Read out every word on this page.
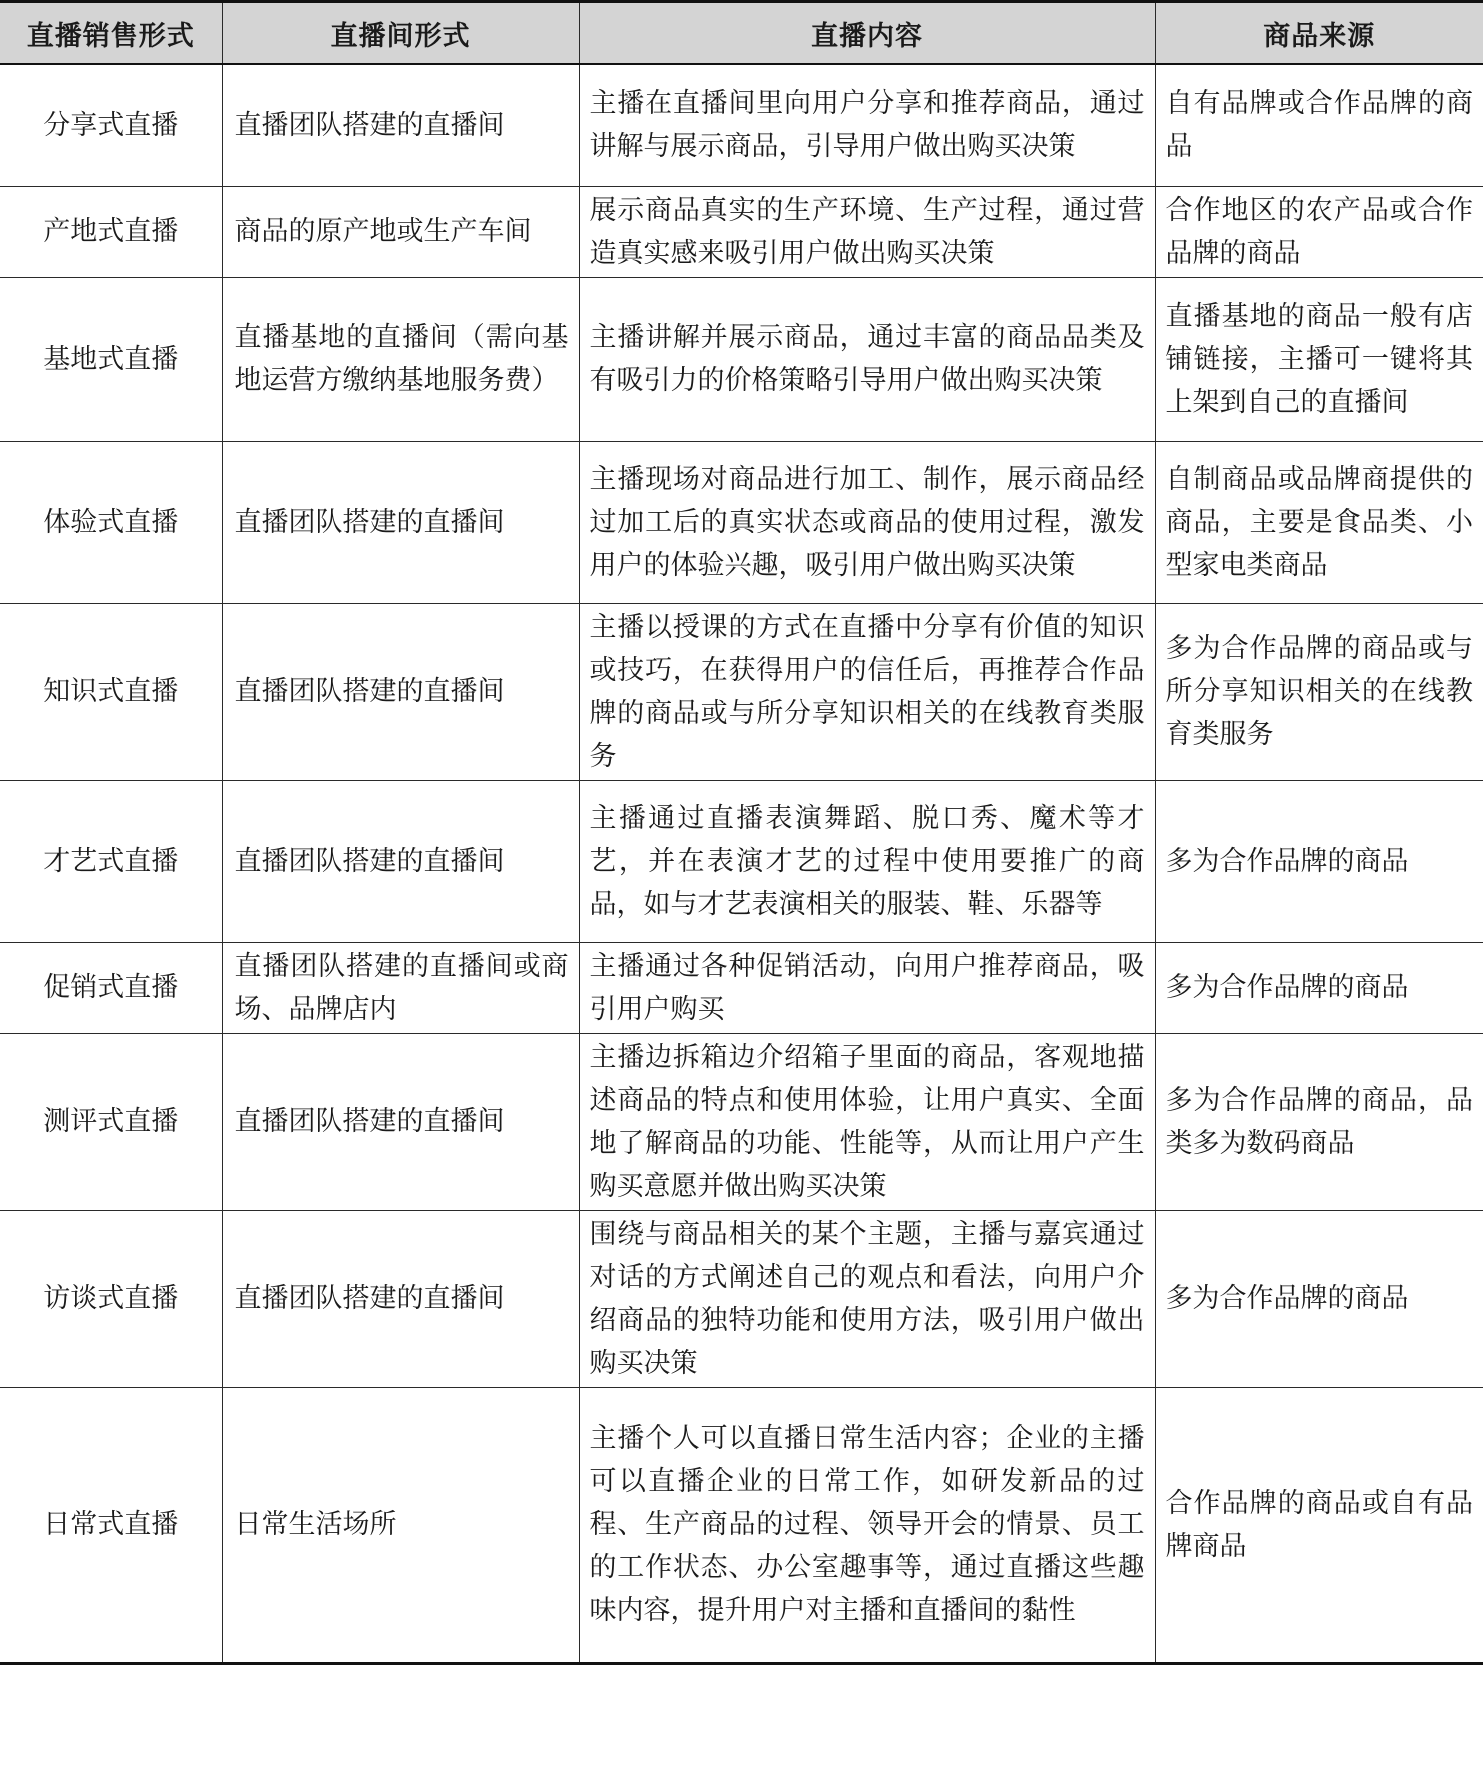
直播销售形式	直播间形式	直播内容	商品来源
分享式直播	直播团队搭建的直播间	主播在直播间里向用户分享和推荐商品，通过讲解与展示商品，引导用户做出购买决策	自有品牌或合作品牌的商品
产地式直播	商品的原产地或生产车间	展示商品真实的生产环境、生产过程，通过营造真实感来吸引用户做出购买决策	合作地区的农产品或合作品牌的商品
基地式直播	直播基地的直播间（需向基地运营方缴纳基地服务费）	主播讲解并展示商品，通过丰富的商品品类及有吸引力的价格策略引导用户做出购买决策	直播基地的商品一般有店铺链接，主播可一键将其上架到自己的直播间
体验式直播	直播团队搭建的直播间	主播现场对商品进行加工、制作，展示商品经过加工后的真实状态或商品的使用过程，激发用户的体验兴趣，吸引用户做出购买决策	自制商品或品牌商提供的商品，主要是食品类、小型家电类商品
知识式直播	直播团队搭建的直播间	主播以授课的方式在直播中分享有价值的知识或技巧，在获得用户的信任后，再推荐合作品牌的商品或与所分享知识相关的在线教育类服务	多为合作品牌的商品或与所分享知识相关的在线教育类服务
才艺式直播	直播团队搭建的直播间	主播通过直播表演舞蹈、脱口秀、魔术等才艺，并在表演才艺的过程中使用要推广的商品，如与才艺表演相关的服装、鞋、乐器等	多为合作品牌的商品
促销式直播	直播团队搭建的直播间或商场、品牌店内	主播通过各种促销活动，向用户推荐商品，吸引用户购买	多为合作品牌的商品
测评式直播	直播团队搭建的直播间	主播边拆箱边介绍箱子里面的商品，客观地描述商品的特点和使用体验，让用户真实、全面地了解商品的功能、性能等，从而让用户产生购买意愿并做出购买决策	多为合作品牌的商品，品类多为数码商品
访谈式直播	直播团队搭建的直播间	围绕与商品相关的某个主题，主播与嘉宾通过对话的方式阐述自己的观点和看法，向用户介绍商品的独特功能和使用方法，吸引用户做出购买决策	多为合作品牌的商品
日常式直播	日常生活场所	主播个人可以直播日常生活内容；企业的主播可以直播企业的日常工作，如研发新品的过程、生产商品的过程、领导开会的情景、员工的工作状态、办公室趣事等，通过直播这些趣味内容，提升用户对主播和直播间的黏性	合作品牌的商品或自有品牌商品
